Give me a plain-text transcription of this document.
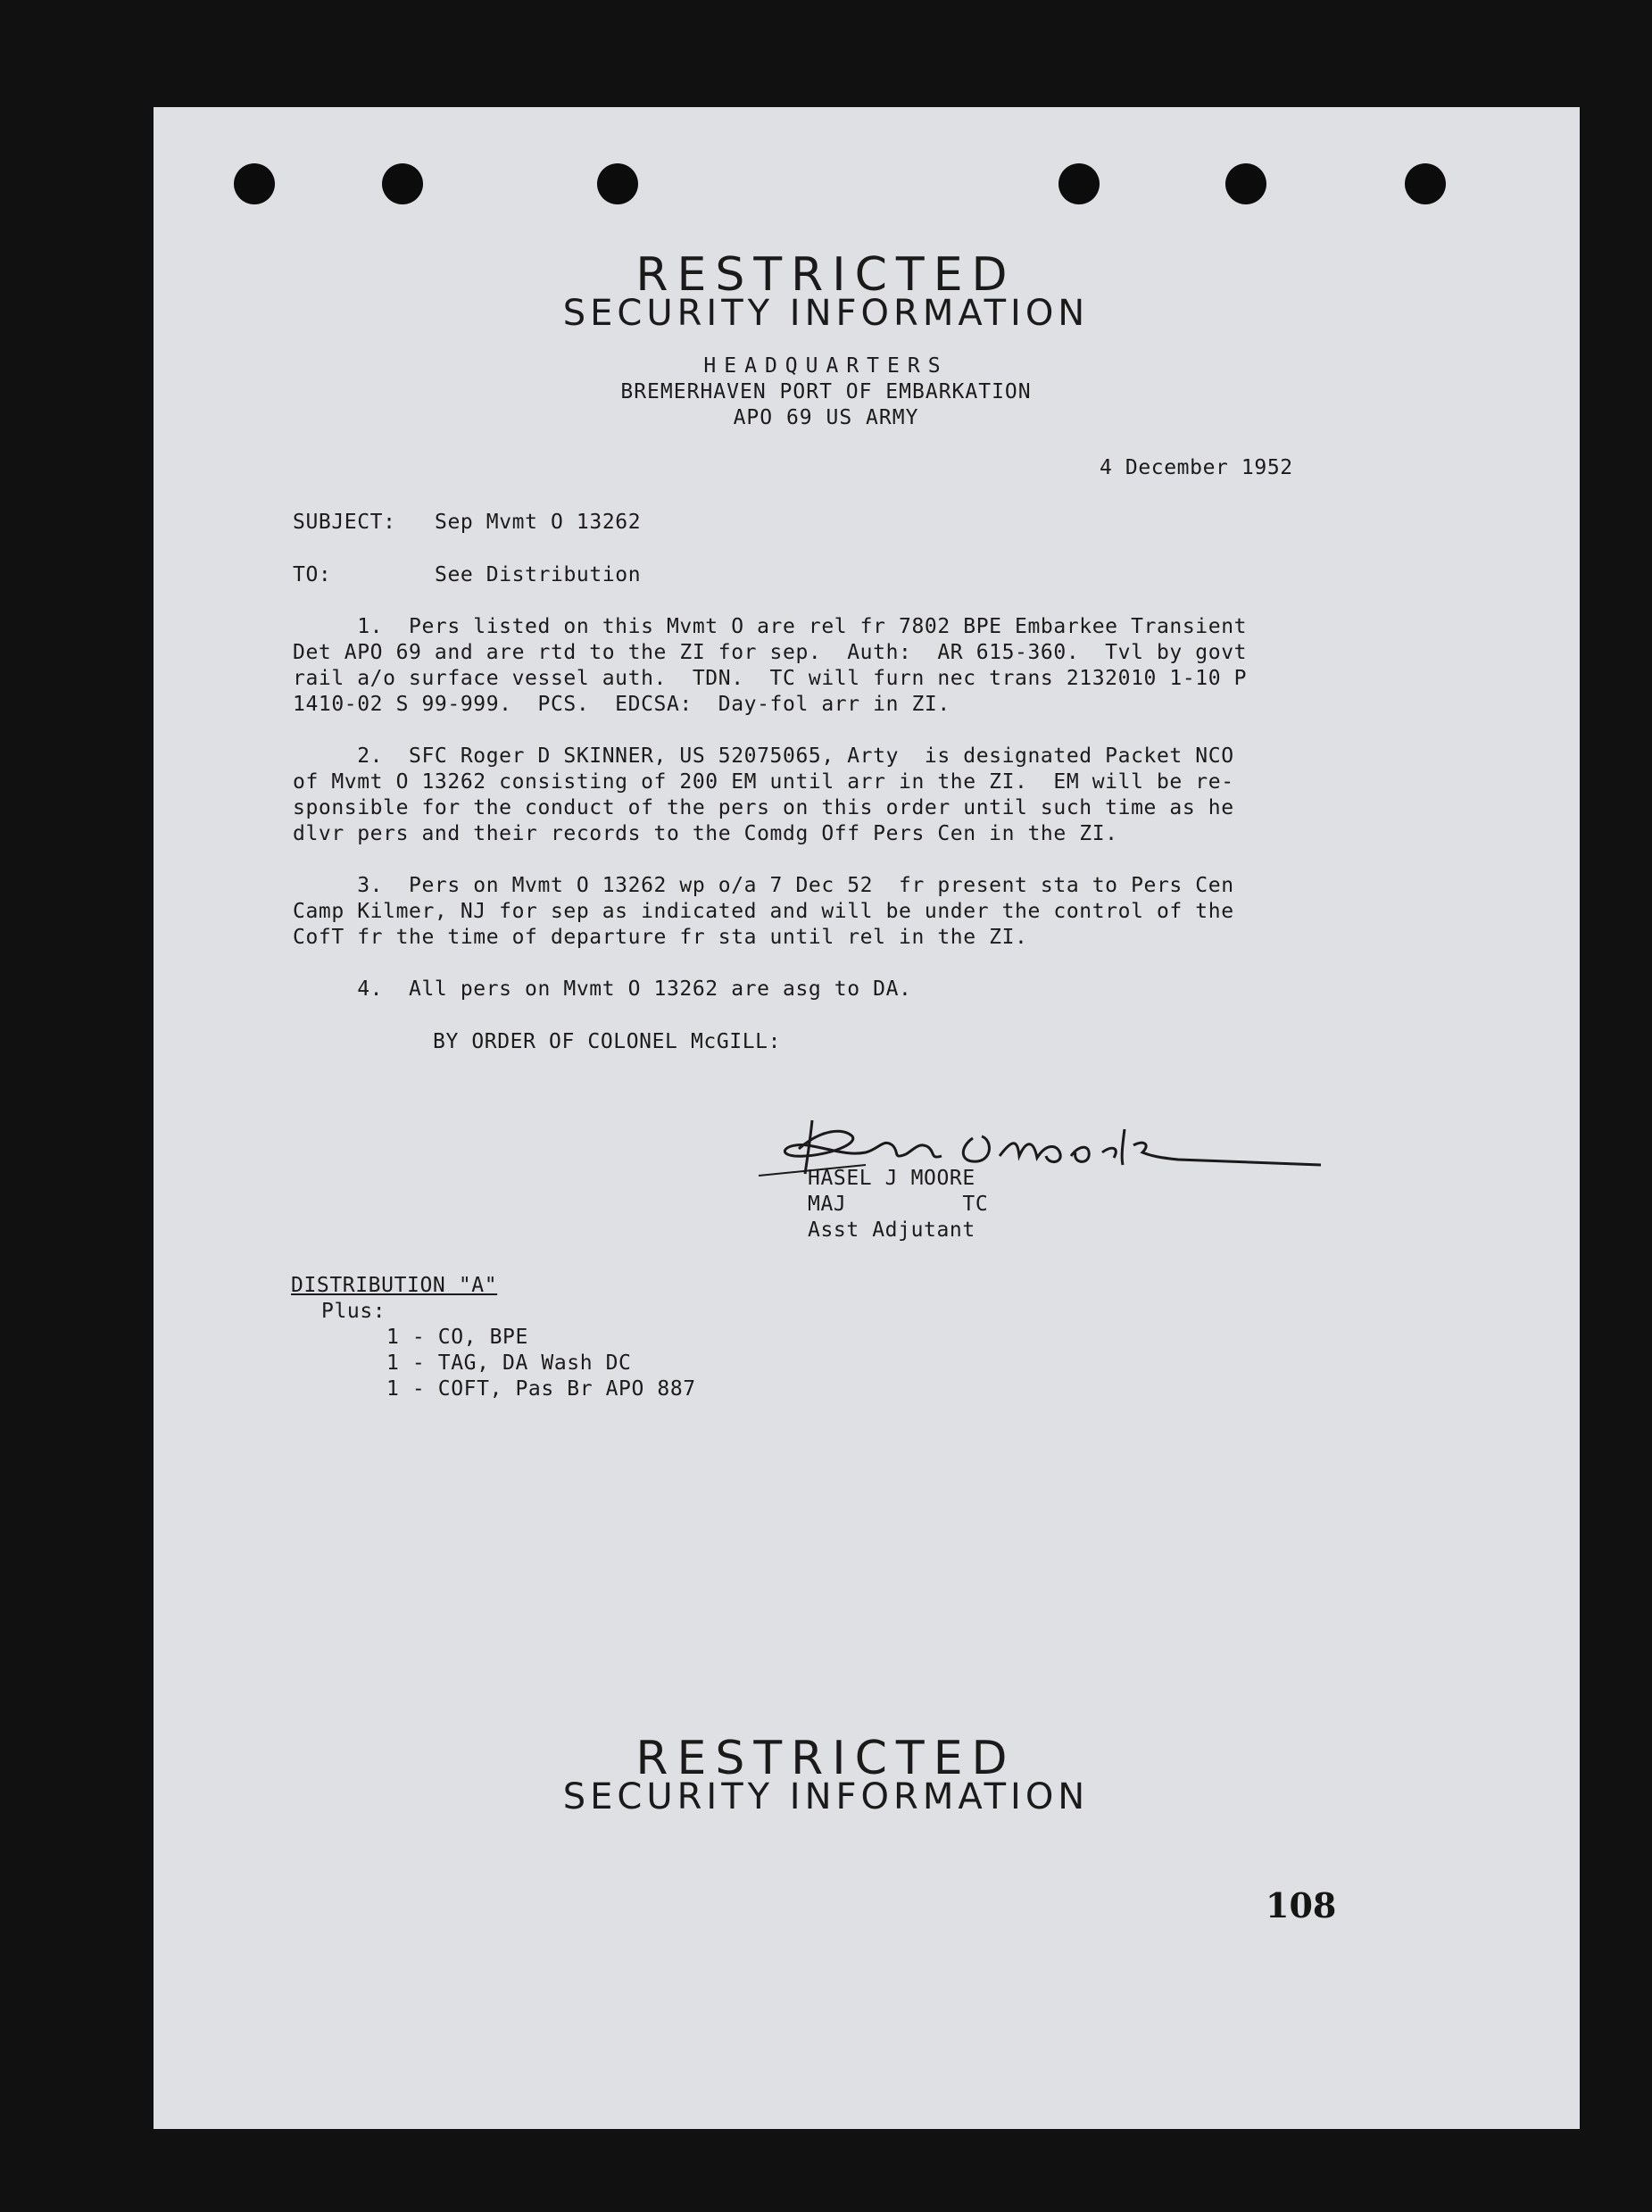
RESTRICTED
SECURITY INFORMATION
HEADQUARTERS
BREMERHAVEN PORT OF EMBARKATION
APO 69 US ARMY
4 December 1952
SUBJECT: Sep Mvmt O 13262
TO:	See Distribution
1.  Pers listed on this Mvmt O are rel fr 7802 BPE Embarkee Transient
Det APO 69 and are rtd to the ZI for sep.  Auth:  AR 615-360.  Tvl by govt
rail a/o surface vessel auth.  TDN.  TC will furn nec trans 2132010 1-10 P
1410-02 S 99-999.  PCS.  EDCSA:  Day-fol arr in ZI.
2.  SFC Roger D SKINNER, US 52075065, Arty  is designated Packet NCO
of Mvmt O 13262 consisting of 200 EM until arr in the ZI.  EM will be re-
sponsible for the conduct of the pers on this order until such time as he
dlvr pers and their records to the Comdg Off Pers Cen in the ZI.
3.  Pers on Mvmt O 13262 wp o/a 7 Dec 52  fr present sta to Pers Cen
Camp Kilmer, NJ for sep as indicated and will be under the control of the
CofT fr the time of departure fr sta until rel in the ZI.
4.  All pers on Mvmt O 13262 are asg to DA.
BY ORDER OF COLONEL McGILL:
HASEL J MOORE
MAJ         TC
Asst Adjutant
DISTRIBUTION "A"
Plus:
1 - CO, BPE
1 - TAG, DA Wash DC
1 - COFT, Pas Br APO 887
RESTRICTED
SECURITY INFORMATION
108
